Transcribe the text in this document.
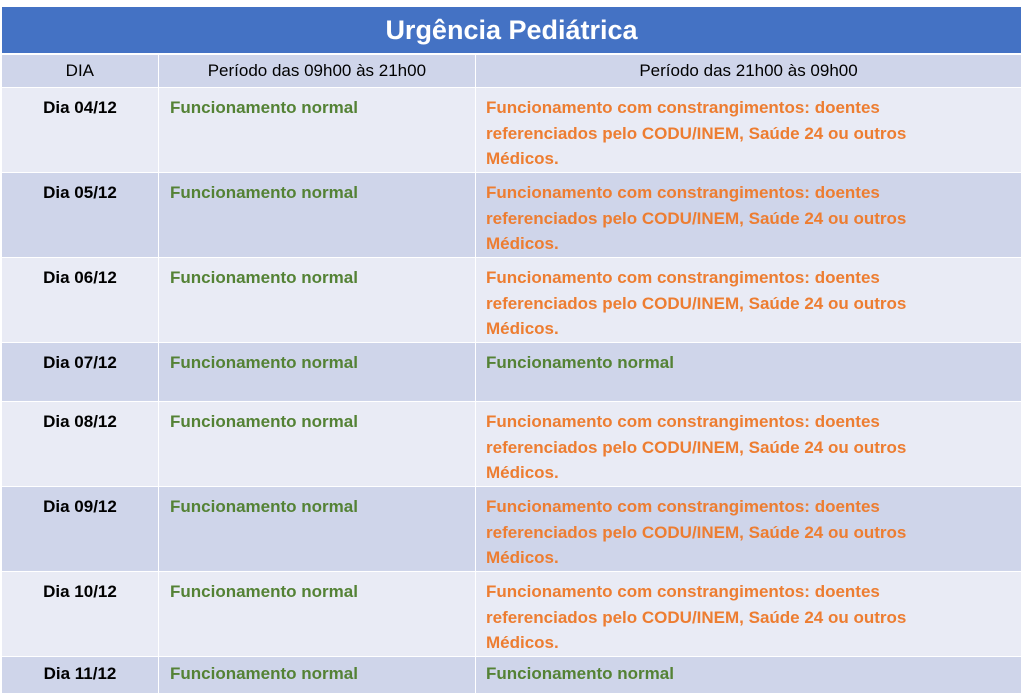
Urgência Pediátrica
DIA	Período das 09h00 às 21h00	Período das 21h00 às 09h00
Dia 04/12	Funcionamento normal	Funcionamento com constrangimentos: doentes referenciados pelo CODU/INEM, Saúde 24 ou outros Médicos.
Dia 05/12	Funcionamento normal	Funcionamento com constrangimentos: doentes referenciados pelo CODU/INEM, Saúde 24 ou outros Médicos.
Dia 06/12	Funcionamento normal	Funcionamento com constrangimentos: doentes referenciados pelo CODU/INEM, Saúde 24 ou outros Médicos.
Dia 07/12	Funcionamento normal	Funcionamento normal
Dia 08/12	Funcionamento normal	Funcionamento com constrangimentos: doentes referenciados pelo CODU/INEM, Saúde 24 ou outros Médicos.
Dia 09/12	Funcionamento normal	Funcionamento com constrangimentos: doentes referenciados pelo CODU/INEM, Saúde 24 ou outros Médicos.
Dia 10/12	Funcionamento normal	Funcionamento com constrangimentos: doentes referenciados pelo CODU/INEM, Saúde 24 ou outros Médicos.
Dia 11/12	Funcionamento normal	Funcionamento normal
